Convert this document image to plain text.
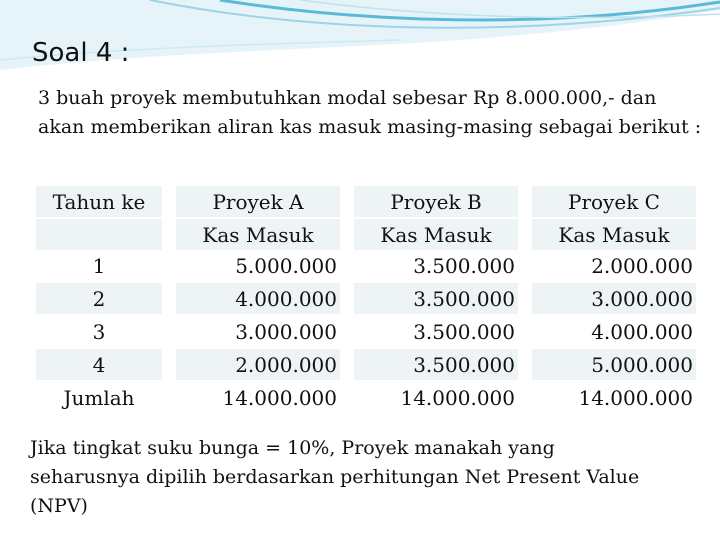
Soal 4 :
3 buah proyek membutuhkan modal sebesar Rp 8.000.000,- dan akan memberikan aliran kas masuk masing-masing sebagai berikut :
Tahun ke		Proyek A		Proyek B		Proyek C
		Kas Masuk		Kas Masuk		Kas Masuk
1		5.000.000		3.500.000		2.000.000
2		4.000.000		3.500.000		3.000.000
3		3.000.000		3.500.000		4.000.000
4		2.000.000		3.500.000		5.000.000
Jumlah		14.000.000		14.000.000		14.000.000
Jika tingkat suku bunga = 10%, Proyek manakah yang seharusnya dipilih berdasarkan perhitungan Net Present Value (NPV)
